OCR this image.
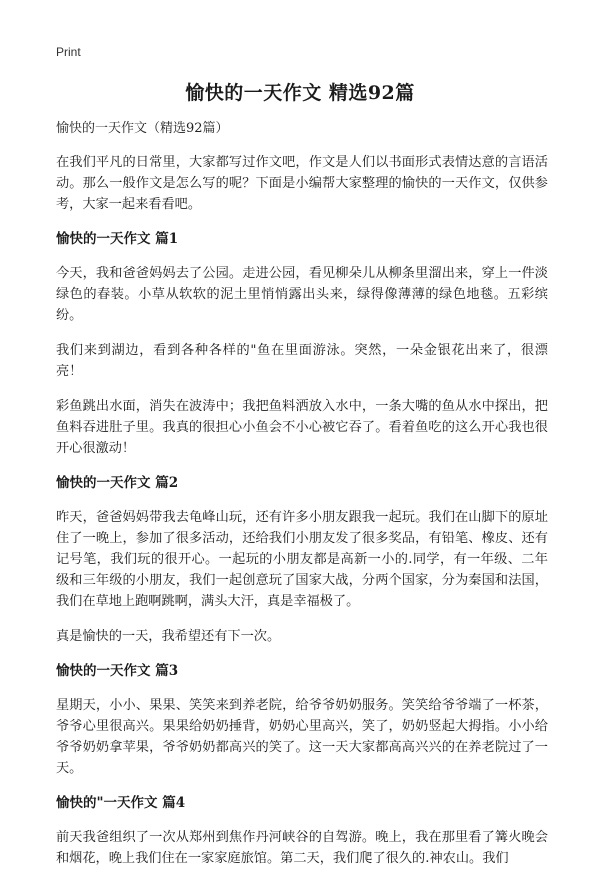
Print
愉快的一天作文 精选92篇
愉快的一天作文（精选92篇）

在我们平凡的日常里，大家都写过作文吧，作文是人们以书面形式表情达意的言语活动。那么一般作文是怎么写的呢？下面是小编帮大家整理的愉快的一天作文，仅供参考，大家一起来看看吧。

愉快的一天作文 篇1

今天，我和爸爸妈妈去了公园。走进公园，看见柳朵儿从柳条里溜出来，穿上一件淡绿色的春装。小草从软软的泥土里悄悄露出头来，绿得像薄薄的绿色地毯。五彩缤纷。

我们来到湖边，看到各种各样的"鱼在里面游泳。突然，一朵金银花出来了，很漂亮！

彩鱼跳出水面，消失在波涛中；我把鱼料洒放入水中，一条大嘴的鱼从水中探出，把鱼料吞进肚子里。我真的很担心小鱼会不小心被它吞了。看着鱼吃的这么开心我也很开心很激动！

愉快的一天作文 篇2

昨天，爸爸妈妈带我去龟峰山玩，还有许多小朋友跟我一起玩。我们在山脚下的原址住了一晚上，参加了很多活动，还给我们小朋友发了很多奖品，有铅笔、橡皮、还有记号笔，我们玩的很开心。一起玩的小朋友都是高新一小的.同学，有一年级、二年级和三年级的小朋友，我们一起创意玩了国家大战，分两个国家，分为秦国和法国，我们在草地上跑啊跳啊，满头大汗，真是幸福极了。

真是愉快的一天，我希望还有下一次。

愉快的一天作文 篇3

星期天，小小、果果、笑笑来到养老院，给爷爷奶奶服务。笑笑给爷爷端了一杯茶，爷爷心里很高兴。果果给奶奶捶背，奶奶心里高兴，笑了，奶奶竖起大拇指。小小给爷爷奶奶拿苹果，爷爷奶奶都高兴的笑了。这一天大家都高高兴兴的在养老院过了一天。

愉快的"一天作文 篇4

前天我爸组织了一次从郑州到焦作丹河峡谷的自驾游。晚上，我在那里看了篝火晚会和烟花，晚上我们住在一家家庭旅馆。第二天，我们爬了很久的.神农山。我们
